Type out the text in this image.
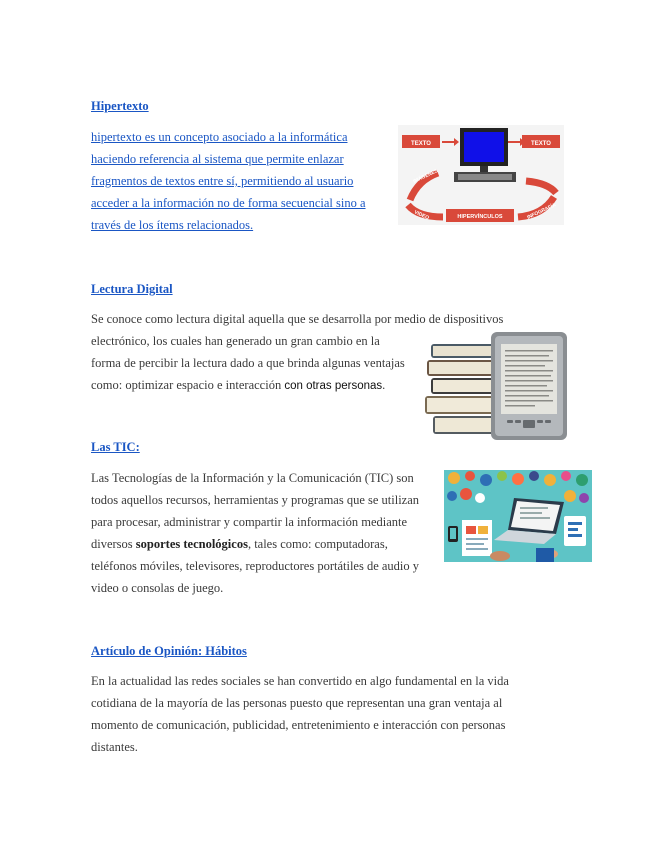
Hipertexto
hipertexto es un concepto asociado a la informática
haciendo referencia al sistema que permite enlazar
fragmentos de textos entre sí, permitiendo al usuario
acceder a la información no de forma secuencial sino a
través de los ítems relacionados.
TEXTO	TEXTO
IMÁGENES
VIDEO	HIPERVÍNCULOS	INFOGRAFÍA
Lectura Digital
Se conoce como lectura digital aquella que se desarrolla por medio de dispositivos
electrónico, los cuales han generado un gran cambio en la
forma de percibir la lectura dado a que brinda algunas ventajas
como: optimizar espacio e interacción con otras personas.
Las TIC:
Las Tecnologías de la Información y la Comunicación (TIC) son
todos aquellos recursos, herramientas y programas que se utilizan
para procesar, administrar y compartir la información mediante
diversos soportes tecnológicos, tales como: computadoras,
teléfonos móviles, televisores, reproductores portátiles de audio y
video o consolas de juego.
Artículo de Opinión: Hábitos
En la actualidad las redes sociales se han convertido en algo fundamental en la vida
cotidiana de la mayoría de las personas puesto que representan una gran ventaja al
momento de comunicación, publicidad, entretenimiento e interacción con personas
distantes.
